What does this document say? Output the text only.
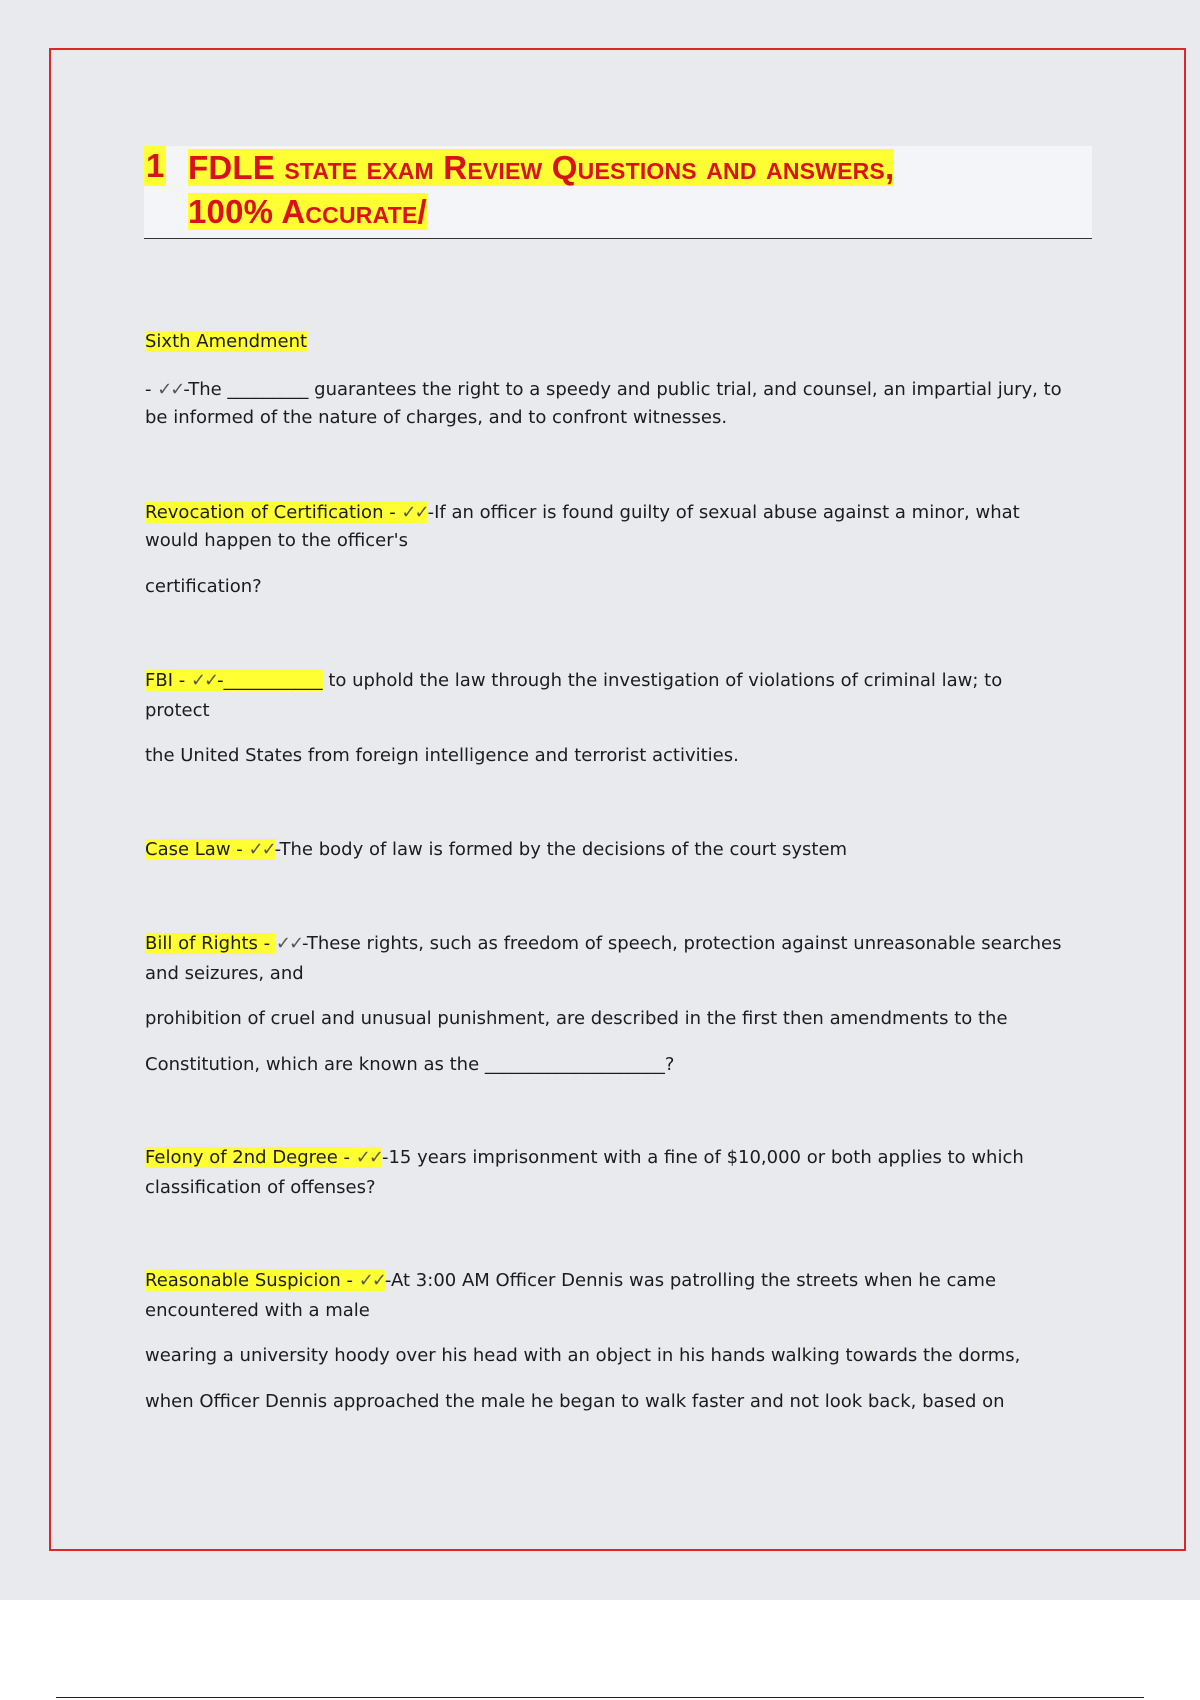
1 FDLE state exam Review Questions and answers,
100% Accurate/
Sixth Amendment
- ✓✓-The _________ guarantees the right to a speedy and public trial, and counsel, an impartial jury, to
be informed of the nature of charges, and to confront witnesses.
Revocation of Certification - ✓✓-If an officer is found guilty of sexual abuse against a minor, what
would happen to the officer's
certification?
FBI - ✓✓-___________ to uphold the law through the investigation of violations of criminal law; to
protect
the United States from foreign intelligence and terrorist activities.
Case Law - ✓✓-The body of law is formed by the decisions of the court system
Bill of Rights - ✓✓-These rights, such as freedom of speech, protection against unreasonable searches
and seizures, and
prohibition of cruel and unusual punishment, are described in the first then amendments to the
Constitution, which are known as the ____________________?
Felony of 2nd Degree - ✓✓-15 years imprisonment with a fine of $10,000 or both applies to which
classification of offenses?
Reasonable Suspicion - ✓✓-At 3:00 AM Officer Dennis was patrolling the streets when he came
encountered with a male
wearing a university hoody over his head with an object in his hands walking towards the dorms,
when Officer Dennis approached the male he began to walk faster and not look back, based on
